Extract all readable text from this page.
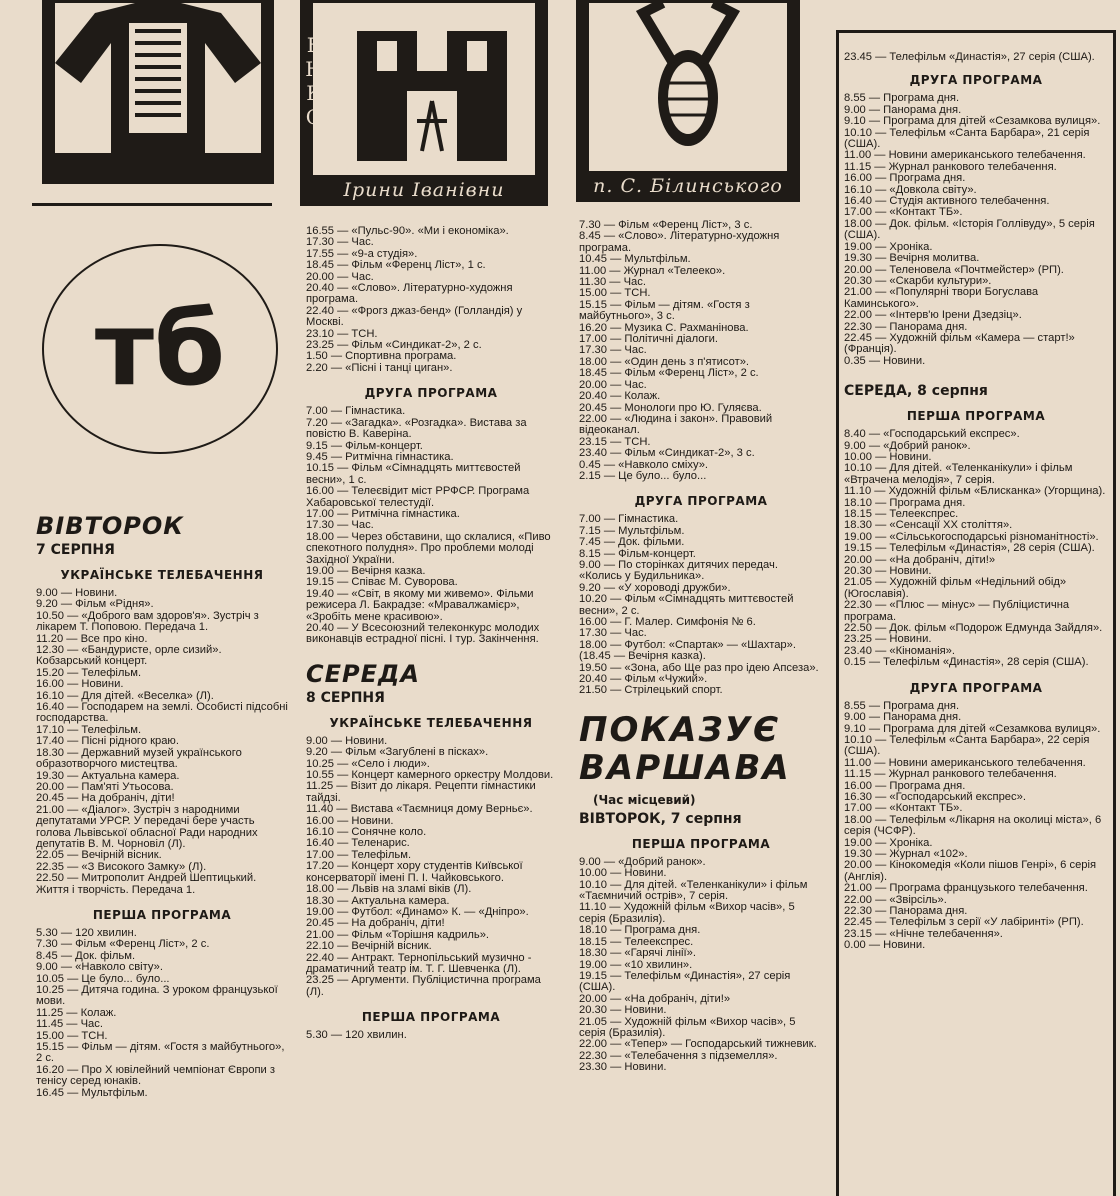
ЕНКО
Ірини Іванівни	п. С. Білинського
тб
ВІВТОРОК
7 СЕРПНЯ
УКРАЇНСЬКЕ ТЕЛЕБАЧЕННЯ

9.00 — Новини.

9.20 — Фільм «Рідня».

10.50 — «Доброго вам здоров'я». Зустріч з лікарем Т. Поповою. Передача 1.

11.20 — Все про кіно.

12.30 — «Бандуристе, орле сизий». Кобзарський концерт.

15.20 — Телефільм.

16.00 — Новини.

16.10 — Для дітей. «Веселка» (Л).

16.40 — Господарем на землі. Особисті підсобні господарства.

17.10 — Телефільм.

17.40 — Пісні рідного краю.

18.30 — Державний музей українського образотворчого мистецтва.

19.30 — Актуальна камера.

20.00 — Пам'яті Утьосова.

20.45 — На добраніч, діти!

21.00 — «Діалог». Зустріч з народними депутатами УРСР. У передачі бере участь голова Львівської обласної Ради народних депутатів В. М. Чорновіл (Л).

22.05 — Вечірній вісник.

22.35 — «З Високого Замку» (Л).

22.50 — Митрополит Андрей Шептицький. Життя і творчість. Передача 1.

ПЕРША ПРОГРАМА

5.30 — 120 хвилин.

7.30 — Фільм «Ференц Ліст», 2 с.

8.45 — Док. фільм.

9.00 — «Навколо світу».

10.05 — Це було... було...

10.25 — Дитяча година. З уроком французької мови.

11.25 — Колаж.

11.45 — Час.

15.00 — ТСН.

15.15 — Фільм — дітям. «Гостя з майбутнього», 2 с.

16.20 — Про X ювілейний чемпіонат Європи з тенісу серед юнаків.

16.45 — Мультфільм.

16.55 — «Пульс-90». «Ми і економіка».

17.30 — Час.

17.55 — «9-а студія».

18.45 — Фільм «Ференц Ліст», 1 с.

20.00 — Час.

20.40 — «Слово». Літературно-художня програма.

22.40 — «Фрогз джаз-бенд» (Голландія) у Москві.

23.10 — ТСН.

23.25 — Фільм «Синдикат-2», 2 с.

1.50 — Спортивна програма.

2.20 — «Пісні і танці циган».

ДРУГА ПРОГРАМА

7.00 — Гімнастика.

7.20 — «Загадка». «Розгадка». Вистава за повістю В. Каверіна.

9.15 — Фільм-концерт.

9.45 — Ритмічна гімнастика.

10.15 — Фільм «Сімнадцять миттєвостей весни», 1 с.

16.00 — Телеєвідит міст РРФСР. Програма Хабаровської телестудії.

17.00 — Ритмічна гімнастика.

17.30 — Час.

18.00 — Через обставини, що склалися, «Пиво спекотного полудня». Про проблеми молоді Західної України.

19.00 — Вечірня казка.

19.15 — Співає М. Суворова.

19.40 — «Світ, в якому ми живемо». Фільми режисера Л. Бакрадзе: «Мравалжамієр», «Зробіть мене красивою».

20.40 — У Всесоюзний телеконкурс молодих виконавців естрадної пісні. І тур. Закінчення.

СЕРЕДА
8 СЕРПНЯ
УКРАЇНСЬКЕ ТЕЛЕБАЧЕННЯ

9.00 — Новини.

9.20 — Фільм «Загублені в пісках».

10.25 — «Село і люди».

10.55 — Концерт камерного оркестру Молдови.

11.25 — Візит до лікаря. Рецепти гімнастики тайдзі.

11.40 — Вистава «Таємниця дому Верньє».

16.00 — Новини.

16.10 — Сонячне коло.

16.40 — Теленарис.

17.00 — Телефільм.

17.20 — Концерт хору студентів Київської консерваторії імені П. І. Чайковського.

18.00 — Львів на зламі віків (Л).

18.30 — Актуальна камера.

19.00 — Футбол: «Динамо» К. — «Дніпро».

20.45 — На добраніч, діти!

21.00 — Фільм «Торішня кадриль».

22.10 — Вечірній вісник.

22.40 — Антракт. Тернопільський музично - драматичний театр ім. Т. Г. Шевченка (Л).

23.25 — Аргументи. Публіцистична програма (Л).

ПЕРША ПРОГРАМА

5.30 — 120 хвилин.

7.30 — Фільм «Ференц Ліст», 3 с.

8.45 — «Слово». Літературно-художня програма.

10.45 — Мультфільм.

11.00 — Журнал «Телеекo».

11.30 — Час.

15.00 — ТСН.

15.15 — Фільм — дітям. «Гостя з майбутнього», 3 с.

16.20 — Музика С. Рахманінова.

17.00 — Політичні діалоги.

17.30 — Час.

18.00 — «Один день з п'ятисот».

18.45 — Фільм «Ференц Ліст», 2 с.

20.00 — Час.

20.40 — Колаж.

20.45 — Монологи про Ю. Гуляєва.

22.00 — «Людина і закон». Правовий відеоканал.

23.15 — ТСН.

23.40 — Фільм «Синдикат-2», 3 с.

0.45 — «Навколо сміху».

2.15 — Це було... було...

ДРУГА ПРОГРАМА

7.00 — Гімнастика.

7.15 — Мультфільм.

7.45 — Док. фільми.

8.15 — Фільм-концерт.

9.00 — По сторінках дитячих передач. «Колись у Будильника».

9.20 — «У хороводі дружби».

10.20 — Фільм «Сімнадцять миттєвостей весни», 2 с.

16.00 — Г. Малер. Симфонія № 6.

17.30 — Час.

18.00 — Футбол: «Спартак» — «Шахтар». (18.45 — Вечірня казка).

19.50 — «Зона, або Ще раз про ідею Апсеза».

20.40 — Фільм «Чужий».

21.50 — Стрілецький спорт.

ПОКАЗУЄ
ВАРШАВА
(Час місцевий)
ВІВТОРОК, 7 серпня
ПЕРША ПРОГРАМА

9.00 — «Добрий ранок».

10.00 — Новини.

10.10 — Для дітей. «Теленканікули» і фільм «Таємничий острів», 7 серія.

11.10 — Художній фільм «Вихор часів», 5 серія (Бразилія).

18.10 — Програма дня.

18.15 — Телеекспрес.

18.30 — «Гарячі лінії».

19.00 — «10 хвилин».

19.15 — Телефільм «Династія», 27 серія (США).

20.00 — «На добраніч, діти!»

20.30 — Новини.

21.05 — Художній фільм «Вихор часів», 5 серія (Бразилія).

22.00 — «Тепер» — Господарський тижневик.

22.30 — «Телебачення з підземелля».

23.30 — Новини.

23.45 — Телефільм «Династія», 27 серія (США).

ДРУГА ПРОГРАМА

8.55 — Програма дня.

9.00 — Панорама дня.

9.10 — Програма для дітей «Сезамкова вулиця».

10.10 — Телефільм «Санта Барбара», 21 серія (США).

11.00 — Новини американського телебачення.

11.15 — Журнал ранкового телебачення.

16.00 — Програма дня.

16.10 — «Довкола світу».

16.40 — Студія активного телебачення.

17.00 — «Контакт ТБ».

18.00 — Док. фільм. «Історія Голлівуду», 5 серія (США).

19.00 — Хроніка.

19.30 — Вечірня молитва.

20.00 — Теленовела «Почтмейстер» (РП).

20.30 — «Скарби культури».

21.00 — «Популярні твори Богуслава Каминського».

22.00 — «Інтерв'ю Ірени Дзедзіц».

22.30 — Панорама дня.

22.45 — Художній фільм «Камера — старт!» (Франція).

0.35 — Новини.

СЕРЕДА, 8 серпня
ПЕРША ПРОГРАМА

8.40 — «Господарський експрес».

9.00 — «Добрий ранок».

10.00 — Новини.

10.10 — Для дітей. «Теленканікули» і фільм «Втрачена мелодія», 7 серія.

11.10 — Художній фільм «Блисканка» (Угорщина).

18.10 — Програма дня.

18.15 — Телеекспрес.

18.30 — «Сенсації ХХ століття».

19.00 — «Сільськогосподарські різноманітності».

19.15 — Телефільм «Династія», 28 серія (США).

20.00 — «На добраніч, діти!»

20.30 — Новини.

21.05 — Художній фільм «Недільний обід» (Югославія).

22.30 — «Плюс — мінус» — Публіцистична програма.

22.50 — Док. фільм «Подорож Едмунда Зайдля».

23.25 — Новини.

23.40 — «Кіноманія».

0.15 — Телефільм «Династія», 28 серія (США).

ДРУГА ПРОГРАМА

8.55 — Програма дня.

9.00 — Панорама дня.

9.10 — Програма для дітей «Сезамкова вулиця».

10.10 — Телефільм «Санта Барбара», 22 серія (США).

11.00 — Новини американського телебачення.

11.15 — Журнал ранкового телебачення.

16.00 — Програма дня.

16.30 — «Господарський експрес».

17.00 — «Контакт ТБ».

18.00 — Телефільм «Лікарня на околиці міста», 6 серія (ЧСФР).

19.00 — Хроніка.

19.30 — Журнал «102».

20.00 — Кінокомедія «Коли пішов Генрі», 6 серія (Англія).

21.00 — Програма французького телебачення.

22.00 — «Звірсіль».

22.30 — Панорама дня.

22.45 — Телефільм з серії «У лабіринті» (РП).

23.15 — «Нічне телебачення».

0.00 — Новини.
